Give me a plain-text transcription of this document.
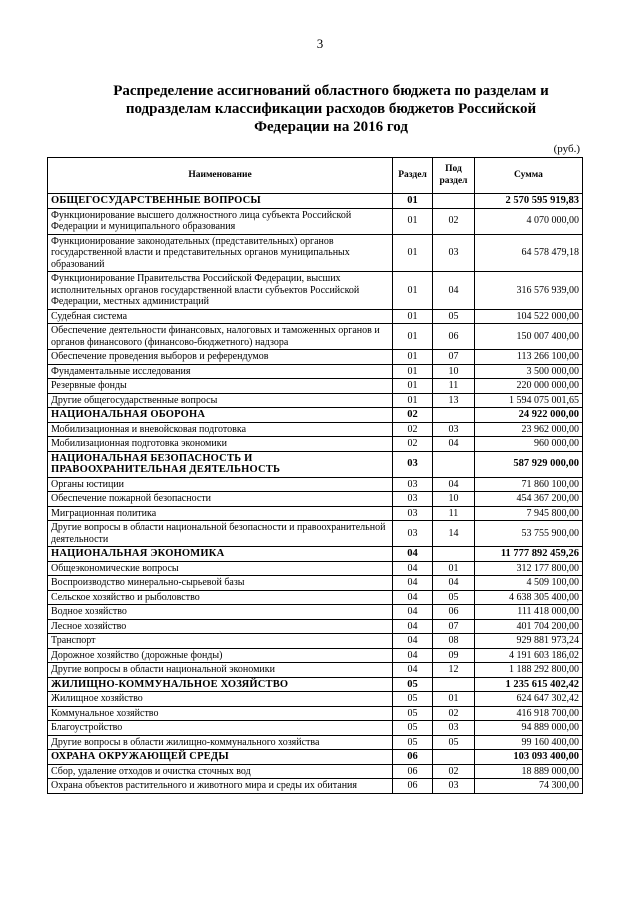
3
Распределение ассигнований областного бюджета по разделам и
подразделам классификации расходов бюджетов Российской
Федерации на 2016 год
(руб.)
Наименование	Раздел	Под раздел	Сумма
ОБЩЕГОСУДАРСТВЕННЫЕ ВОПРОСЫ	01		2 570 595 919,83
Функционирование высшего должностного лица субъекта Российской Федерации и муниципального образования	01	02	4 070 000,00
Функционирование законодательных (представительных) органов государственной власти и представительных органов муниципальных образований	01	03	64 578 479,18
Функционирование Правительства Российской Федерации, высших исполнительных органов государственной власти субъектов Российской Федерации, местных администраций	01	04	316 576 939,00
Судебная система	01	05	104 522 000,00
Обеспечение деятельности финансовых, налоговых и таможенных органов и органов финансового (финансово-бюджетного) надзора	01	06	150 007 400,00
Обеспечение проведения выборов и референдумов	01	07	113 266 100,00
Фундаментальные исследования	01	10	3 500 000,00
Резервные фонды	01	11	220 000 000,00
Другие общегосударственные вопросы	01	13	1 594 075 001,65
НАЦИОНАЛЬНАЯ ОБОРОНА	02		24 922 000,00
Мобилизационная и вневойсковая подготовка	02	03	23 962 000,00
Мобилизационная подготовка экономики	02	04	960 000,00
НАЦИОНАЛЬНАЯ БЕЗОПАСНОСТЬ И ПРАВООХРАНИТЕЛЬНАЯ ДЕЯТЕЛЬНОСТЬ	03		587 929 000,00
Органы юстиции	03	04	71 860 100,00
Обеспечение пожарной безопасности	03	10	454 367 200,00
Миграционная политика	03	11	7 945 800,00
Другие вопросы в области национальной безопасности и правоохранительной деятельности	03	14	53 755 900,00
НАЦИОНАЛЬНАЯ ЭКОНОМИКА	04		11 777 892 459,26
Общеэкономические вопросы	04	01	312 177 800,00
Воспроизводство минерально-сырьевой базы	04	04	4 509 100,00
Сельское хозяйство и рыболовство	04	05	4 638 305 400,00
Водное хозяйство	04	06	111 418 000,00
Лесное хозяйство	04	07	401 704 200,00
Транспорт	04	08	929 881 973,24
Дорожное хозяйство (дорожные фонды)	04	09	4 191 603 186,02
Другие вопросы в области национальной экономики	04	12	1 188 292 800,00
ЖИЛИЩНО-КОММУНАЛЬНОЕ ХОЗЯЙСТВО	05		1 235 615 402,42
Жилищное хозяйство	05	01	624 647 302,42
Коммунальное хозяйство	05	02	416 918 700,00
Благоустройство	05	03	94 889 000,00
Другие вопросы в области жилищно-коммунального хозяйства	05	05	99 160 400,00
ОХРАНА ОКРУЖАЮЩЕЙ СРЕДЫ	06		103 093 400,00
Сбор, удаление отходов и очистка сточных вод	06	02	18 889 000,00
Охрана объектов растительного и животного мира и среды их обитания	06	03	74 300,00
